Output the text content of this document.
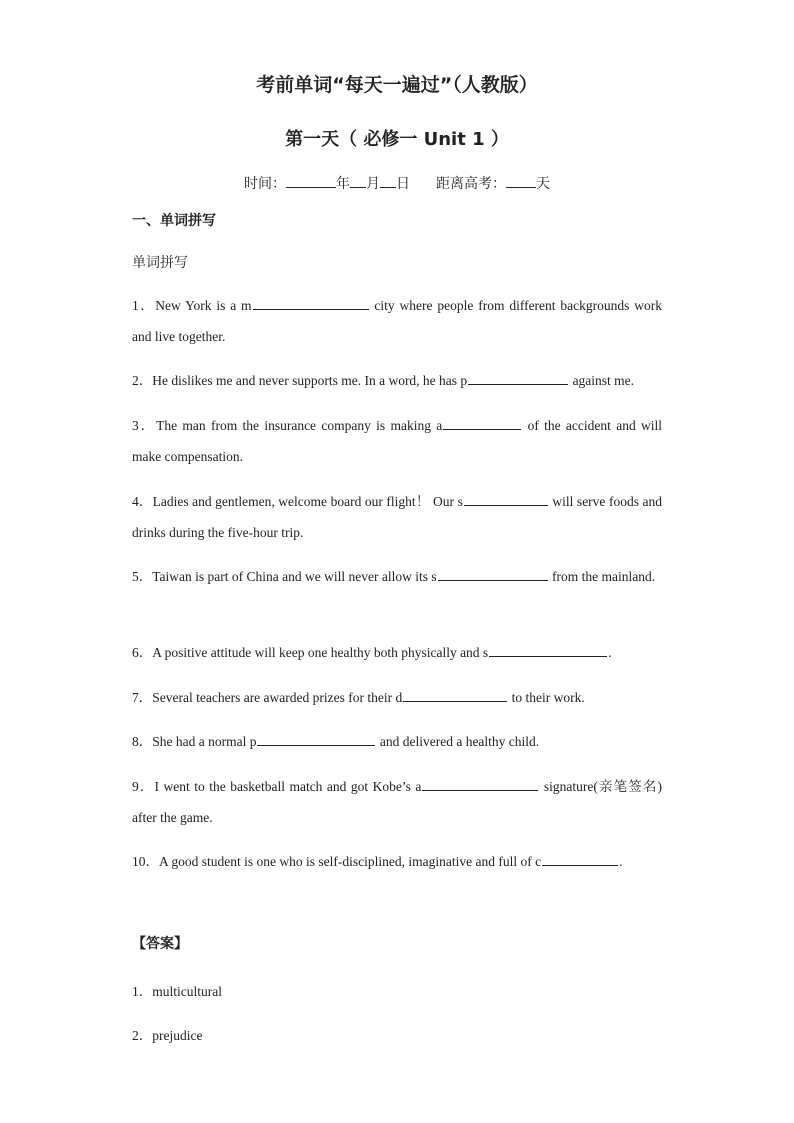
考前单词“每天一遍过”（人教版）
第一天（ 必修一 Unit 1 ）
时间：	年 月 日 距离高考： 天
一、单词拼写
单词拼写
1．New York is a m	city where people from different backgrounds work and live together.
2．He dislikes me and never supports me. In a word, he has p	against me.
3．The man from the insurance company is making a	of the accident and will make compensation.
4．Ladies and gentlemen, welcome board our flight！ Our s	will serve foods and drinks during the five-hour trip.
5．Taiwan is part of China and we will never allow its s	from the mainland.
6．A positive attitude will keep one healthy both physically and s	.
7．Several teachers are awarded prizes for their d	to their work.
8．She had a normal p	and delivered a healthy child.
9．I went to the basketball match and got Kobe’s a	signature(亲笔签名) after the game.
10．A good student is one who is self-disciplined, imaginative and full of c	.
【答案】
1．multicultural
2．prejudice
